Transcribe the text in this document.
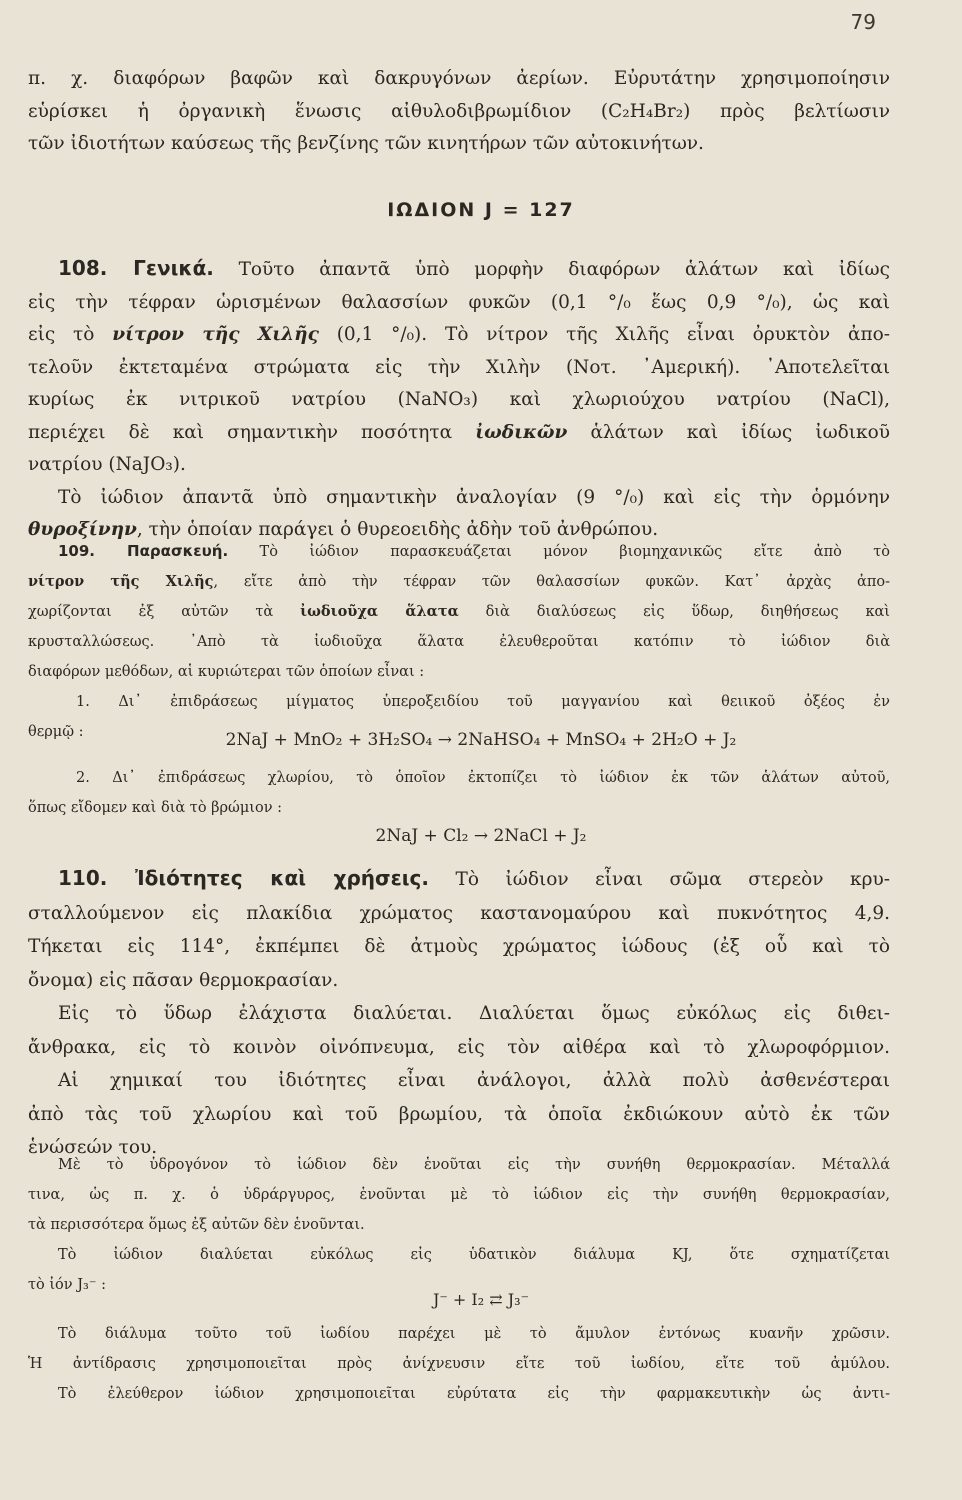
79
π. χ. διαφόρων βαφῶν καὶ δακρυγόνων ἀερίων. Εὐρυτάτην χρησιμοποίησιν
εὑρίσκει ἡ ὀργανικὴ ἕνωσις αἰθυλοδιβρωμίδιον (C₂H₄Br₂) πρὸς βελτίωσιν
τῶν ἰδιοτήτων καύσεως τῆς βενζίνης τῶν κινητήρων τῶν αὐτοκινήτων.
ΙΩΔΙΟΝ J = 127
108. Γενικά. Τοῦτο ἀπαντᾶ ὑπὸ μορφὴν διαφόρων ἁλάτων καὶ ἰδίως
εἰς τὴν τέφραν ὡρισμένων θαλασσίων φυκῶν (0,1 °/₀ ἕως 0,9 °/₀), ὡς καὶ
εἰς τὸ νίτρον τῆς Χιλῆς (0,1 °/₀). Τὸ νίτρον τῆς Χιλῆς εἶναι ὀρυκτὸν ἀπο-
τελοῦν ἐκτεταμένα στρώματα εἰς τὴν Χιλὴν (Νοτ. ᾽Αμερική). ᾽Αποτελεῖται
κυρίως ἐκ νιτρικοῦ νατρίου (NaNO₃) καὶ χλωριούχου νατρίου (NaCl),
περιέχει δὲ καὶ σημαντικὴν ποσότητα ἰωδικῶν ἁλάτων καὶ ἰδίως ἰωδικοῦ
νατρίου (NaJO₃).
Τὸ ἰώδιον ἀπαντᾶ ὑπὸ σημαντικὴν ἀναλογίαν (9 °/₀) καὶ εἰς τὴν ὁρμόνην
θυροξίνην, τὴν ὁποίαν παράγει ὁ θυρεοειδὴς ἀδὴν τοῦ ἀνθρώπου.
109. Παρασκευή. Τὸ ἰώδιον παρασκευάζεται μόνον βιομηχανικῶς εἴτε ἀπὸ τὸ
νίτρον τῆς Χιλῆς, εἴτε ἀπὸ τὴν τέφραν τῶν θαλασσίων φυκῶν. Κατ᾽ ἀρχὰς ἀπο-
χωρίζονται ἐξ αὐτῶν τὰ ἰωδιοῦχα ἅλατα διὰ διαλύσεως εἰς ὕδωρ, διηθήσεως καὶ
κρυσταλλώσεως. ᾽Απὸ τὰ ἰωδιοῦχα ἅλατα ἐλευθεροῦται κατόπιν τὸ ἰώδιον διὰ
διαφόρων μεθόδων, αἱ κυριώτεραι τῶν ὁποίων εἶναι :
1. Δι᾽ ἐπιδράσεως μίγματος ὑπεροξειδίου τοῦ μαγγανίου καὶ θειικοῦ ὀξέος ἐν
θερμῷ :	2NaJ + MnO₂ + 3H₂SO₄ → 2NaHSO₄ + MnSO₄ + 2H₂O + J₂
2. Δι᾽ ἐπιδράσεως χλωρίου, τὸ ὁποῖον ἐκτοπίζει τὸ ἰώδιον ἐκ τῶν ἁλάτων αὐτοῦ,
ὅπως εἴδομεν καὶ διὰ τὸ βρώμιον :
2NaJ + Cl₂ → 2NaCl + J₂
110. Ἰδιότητες καὶ χρήσεις. Τὸ ἰώδιον εἶναι σῶμα στερεὸν κρυ-
σταλλούμενον εἰς πλακίδια χρώματος καστανομαύρου καὶ πυκνότητος 4,9.
Τήκεται εἰς 114°, ἐκπέμπει δὲ ἀτμοὺς χρώματος ἰώδους (ἐξ οὗ καὶ τὸ
ὄνομα) εἰς πᾶσαν θερμοκρασίαν.
Εἰς τὸ ὕδωρ ἐλάχιστα διαλύεται. Διαλύεται ὅμως εὐκόλως εἰς διθει-
ἄνθρακα, εἰς τὸ κοινὸν οἰνόπνευμα, εἰς τὸν αἰθέρα καὶ τὸ χλωροφόρμιον.
Αἱ χημικαί του ἰδιότητες εἶναι ἀνάλογοι, ἀλλὰ πολὺ ἀσθενέστεραι
ἀπὸ τὰς τοῦ χλωρίου καὶ τοῦ βρωμίου, τὰ ὁποῖα ἐκδιώκουν αὐτὸ ἐκ τῶν
ἑνώσεών του.
Μὲ τὸ ὑδρογόνον τὸ ἰώδιον δὲν ἑνοῦται εἰς τὴν συνήθη θερμοκρασίαν. Μέταλλά
τινα, ὡς π. χ. ὁ ὑδράργυρος, ἑνοῦνται μὲ τὸ ἰώδιον εἰς τὴν συνήθη θερμοκρασίαν,
τὰ περισσότερα ὅμως ἐξ αὐτῶν δὲν ἑνοῦνται.
Τὸ ἰώδιον διαλύεται εὐκόλως εἰς ὑδατικὸν διάλυμα KJ, ὅτε σχηματίζεται
τὸ ἰόν J₃⁻ :
J⁻ + I₂ ⇄ J₃⁻
Τὸ διάλυμα τοῦτο τοῦ ἰωδίου παρέχει μὲ τὸ ἄμυλον ἐντόνως κυανῆν χρῶσιν.
Ἡ ἀντίδρασις χρησιμοποιεῖται πρὸς ἀνίχνευσιν εἴτε τοῦ ἰωδίου, εἴτε τοῦ ἀμύλου.
Τὸ ἐλεύθερον ἰώδιον χρησιμοποιεῖται εὐρύτατα εἰς τὴν φαρμακευτικὴν ὡς ἀντι-
